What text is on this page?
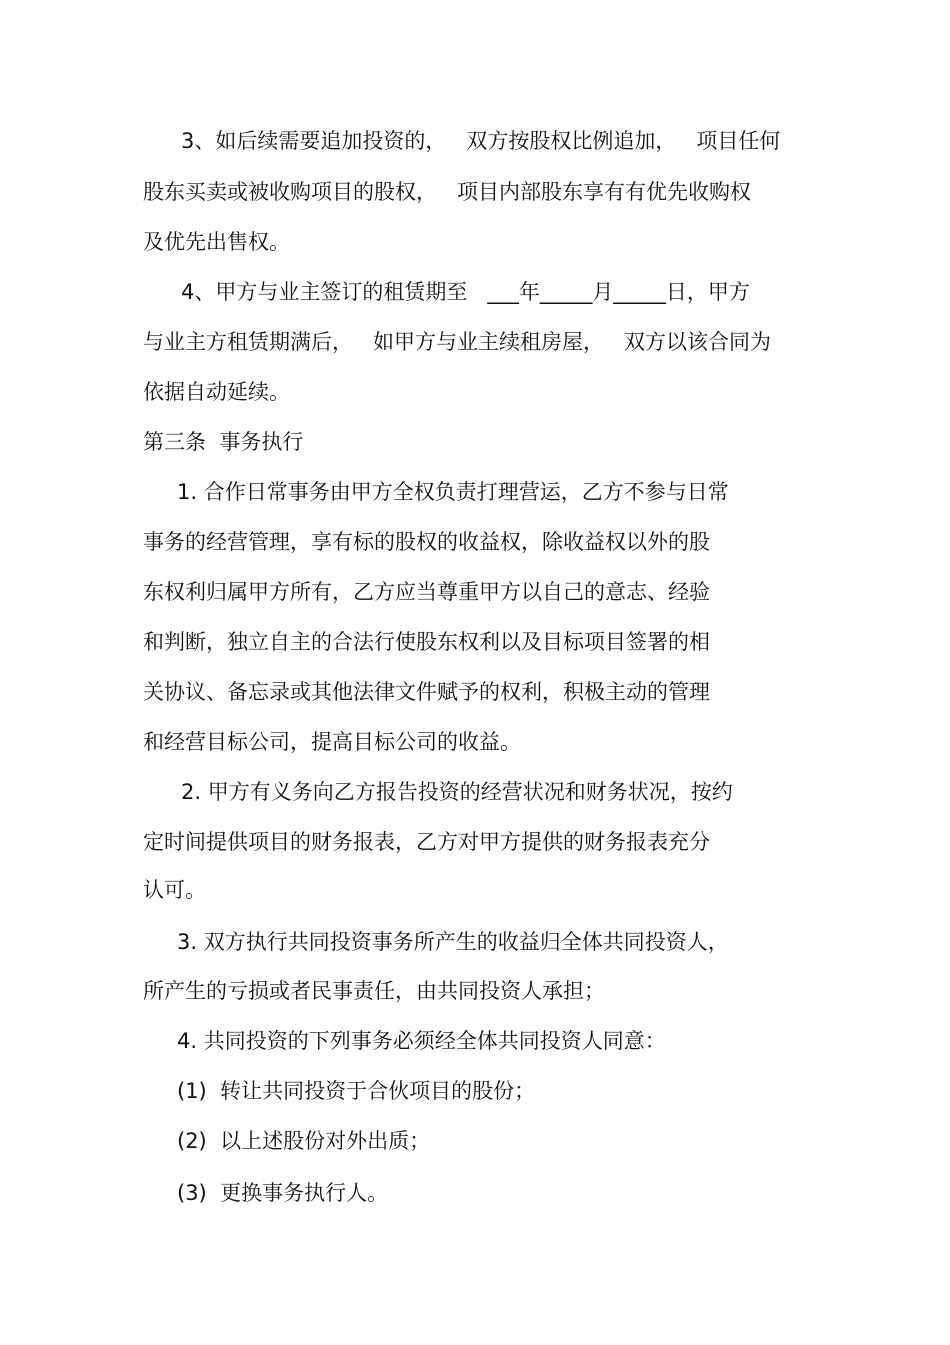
3、如后续需要追加投资的，   双方按股权比例追加，   项目任何

股东买卖或被收购项目的股权，   项目内部股东享有有优先收购权

及优先出售权。

4、甲方与业主签订的租赁期至   ___年_____月_____日，甲方

与业主方租赁期满后，   如甲方与业主续租房屋，   双方以该合同为

依据自动延续。

第三条  事务执行

1. 合作日常事务由甲方全权负责打理营运，乙方不参与日常

事务的经营管理，享有标的股权的收益权，除收益权以外的股

东权利归属甲方所有，乙方应当尊重甲方以自己的意志、经验

和判断，独立自主的合法行使股东权利以及目标项目签署的相

关协议、备忘录或其他法律文件赋予的权利，积极主动的管理

和经营目标公司，提高目标公司的收益。

2. 甲方有义务向乙方报告投资的经营状况和财务状况，按约

定时间提供项目的财务报表，乙方对甲方提供的财务报表充分

认可。

3. 双方执行共同投资事务所产生的收益归全体共同投资人，

所产生的亏损或者民事责任，由共同投资人承担；

4. 共同投资的下列事务必须经全体共同投资人同意：

(1)  转让共同投资于合伙项目的股份；

(2)  以上述股份对外出质；

(3)  更换事务执行人。
